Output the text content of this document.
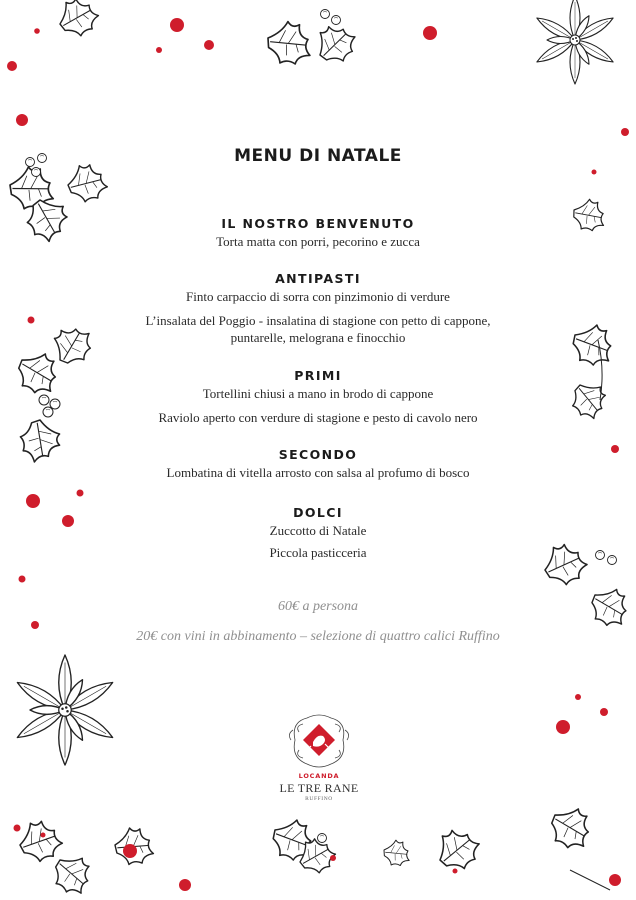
MENU DI NATALE
IL NOSTRO BENVENUTO
Torta matta con porri, pecorino e zucca
ANTIPASTI
Finto carpaccio di sorra con pinzimonio di verdure
L’insalata del Poggio - insalatina di stagione con petto di cappone,
puntarelle, melograna e finocchio
PRIMI
Tortellini chiusi a mano in brodo di cappone
Raviolo aperto con verdure di stagione e pesto di cavolo nero
SECONDO
Lombatina di vitella arrosto con salsa al profumo di bosco
DOLCI
Zuccotto di Natale
Piccola pasticceria
60€ a persona
20€ con vini in abbinamento – selezione di quattro calici Ruffino
LOCANDA
LE TRE RANE
RUFFINO
